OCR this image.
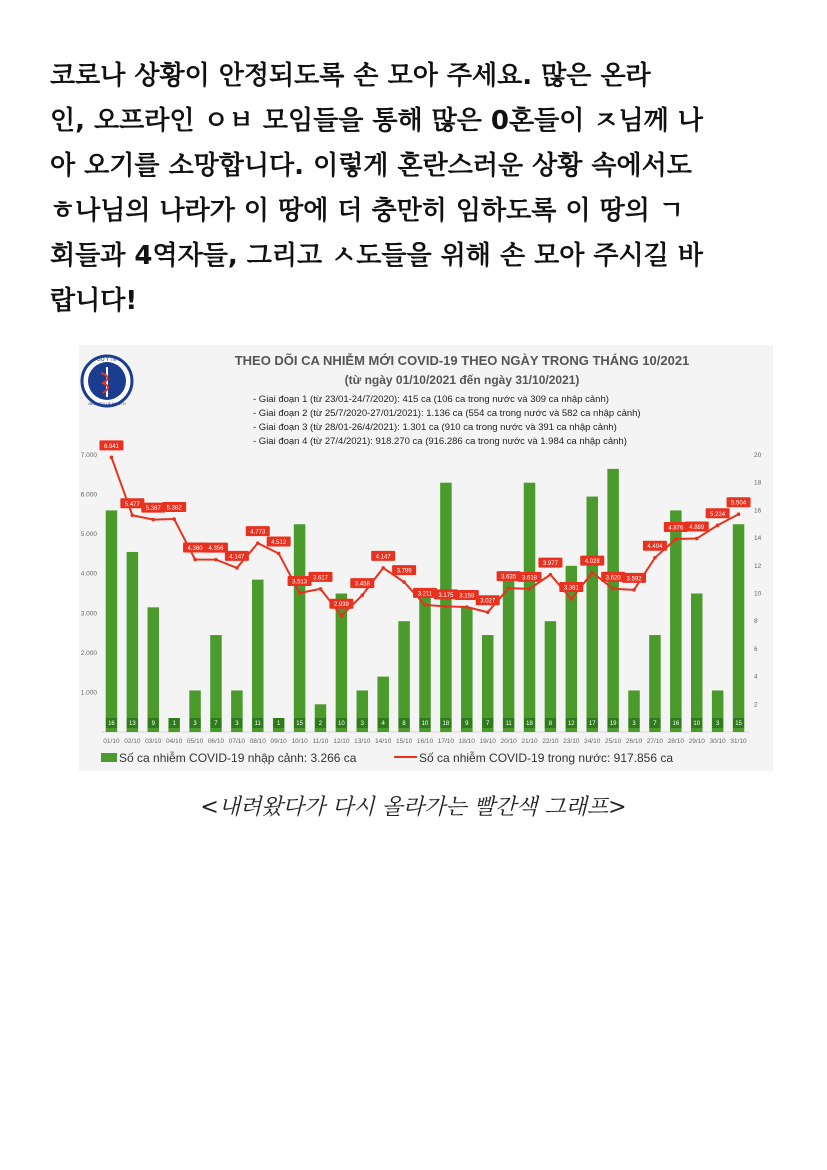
코로나 상황이 안정되도록 손 모아 주세요. 많은 온라
인, 오프라인 ㅇㅂ 모임들을 통해 많은 0혼들이 ㅈ님께 나
아 오기를 소망합니다. 이렇게 혼란스러운 상황 속에서도
ㅎ나님의 나라가 이 땅에 더 충만히 임하도록 이 땅의 ㄱ
회들과 4역자들, 그리고 ㅅ도들을 위해 손 모아 주시길 바
랍니다!
BỘ Y TẾ
MINISTRY OF HEALTH
THEO DÕI CA NHIỄM MỚI COVID-19 THEO NGÀY TRONG THÁNG 10/2021
(từ ngày 01/10/2021 đến ngày 31/10/2021)
- Giai đoạn 1 (từ 23/01-24/7/2020): 415 ca (106 ca trong nước và 309 ca nhập cảnh)
- Giai đoạn 2 (từ 25/7/2020-27/01/2021): 1.136 ca (554 ca trong nước và 582 ca nhập cảnh)
- Giai đoạn 3 (từ 28/01-26/4/2021): 1.301 ca (910 ca trong nước và 391 ca nhập cảnh)
- Giai đoạn 4 (từ 27/4/2021): 918.270 ca (916.286 ca trong nước và 1.984 ca nhập cảnh)
1.000
2.000
3.000
4.000
5.000
6.000
7.000
2
4
6
8
10
12
14
16
18
20
16 13	9	1	3	7	3	11	1	15	2	10	3	4	8	10 18	9	7	11 18	8	12 17 19	3	7	16 10	3	15
01/10 02/10 03/10 04/10 05/10 06/10 07/10 08/10 09/10 10/10 11/10 12/10 13/10 14/10 15/10 16/10 17/10 18/10 19/10 20/10 21/10 22/10 23/10 24/10 25/10 26/10 27/10 28/10 29/10 30/10 31/10
6.941
5.477
5.367 5.382
4.360 4.356
4.147
4.773
4.512
3.513
3.617
2.939
3.458
4.147
3.789
3.211 3.175 3.159
3.027
3.635 3.618
3.977
3.361
4.028
3.620 3.592
4.404
4.876 4.889
5.224
5.504
Số ca nhiễm COVID-19 nhập cảnh: 3.266 ca	Số ca nhiễm COVID-19 trong nước: 917.856 ca
<내려왔다가 다시 올라가는 빨간색 그래프>
